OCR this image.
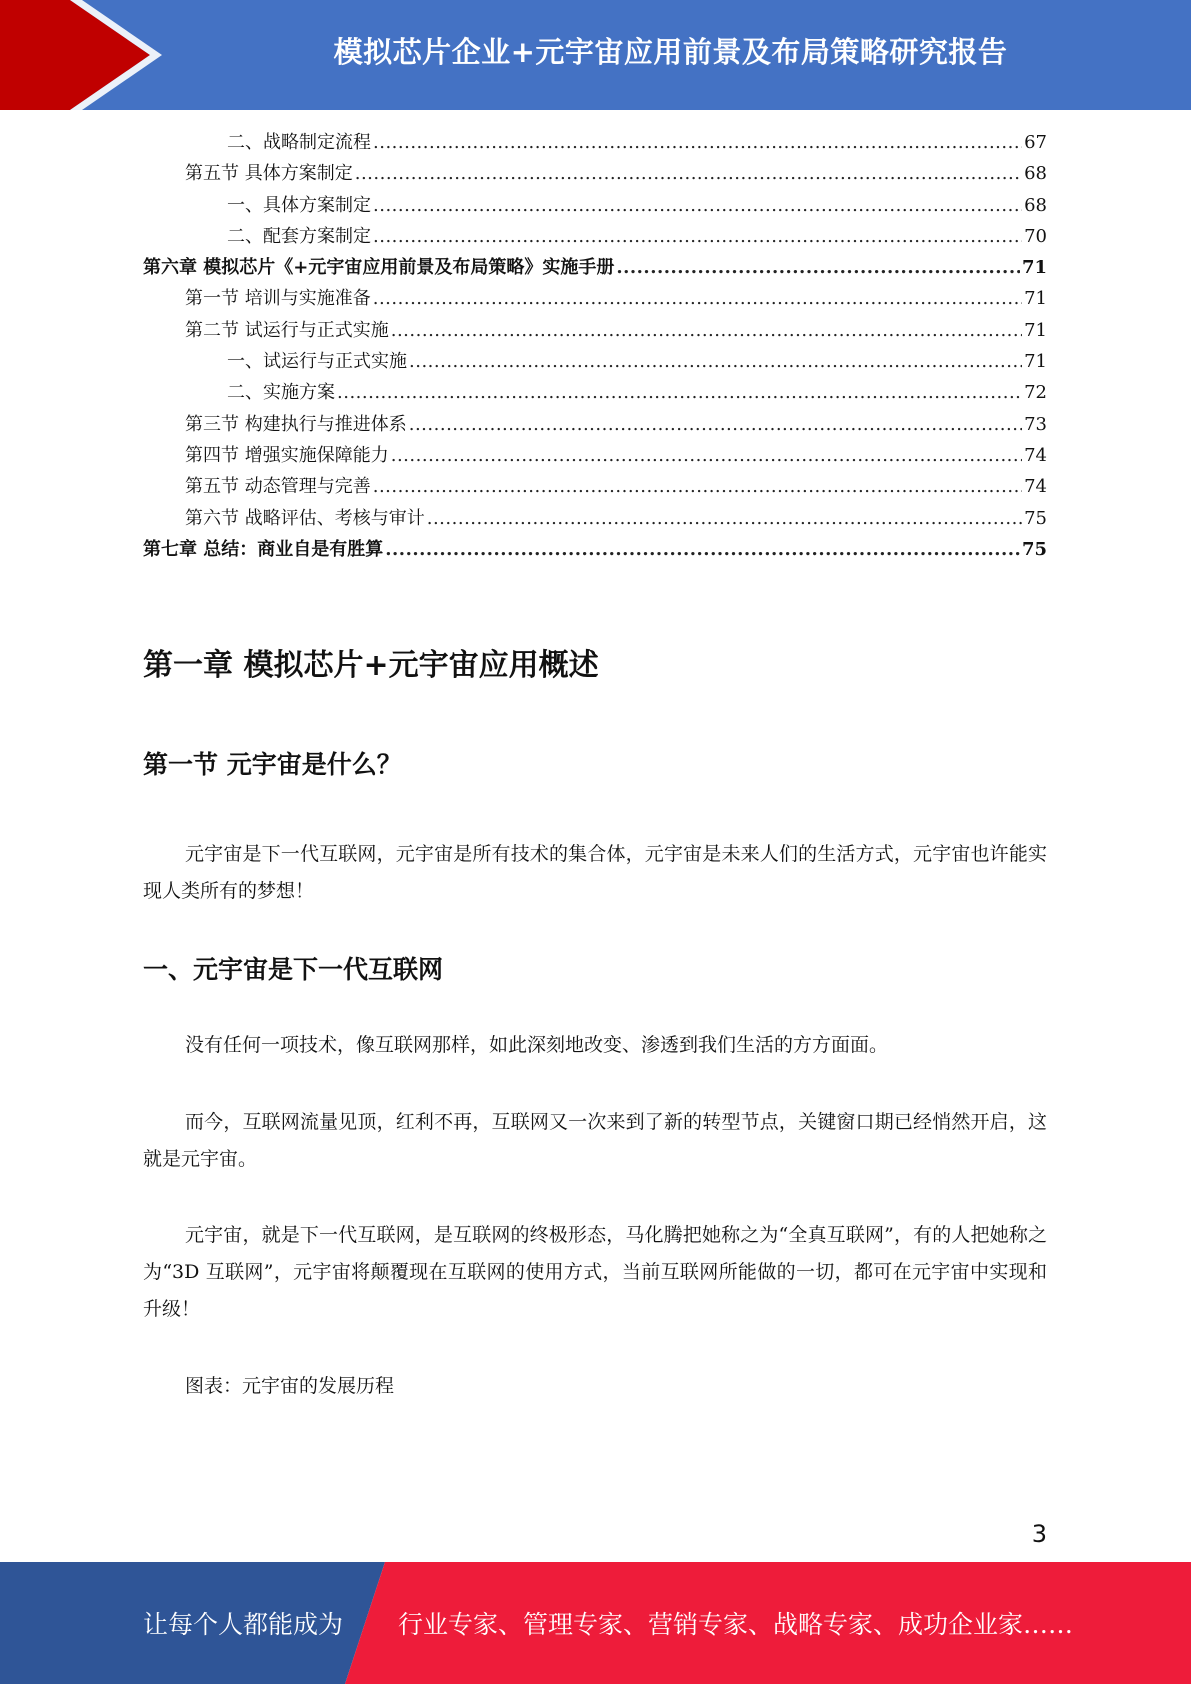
模拟芯片企业+元宇宙应用前景及布局策略研究报告
二、战略制定流程 .....	67
第五节 具体方案制定 .....	68
一、具体方案制定 .....	68
二、配套方案制定 .....	70
第六章 模拟芯片《+元宇宙应用前景及布局策略》实施手册 .....	71
第一节 培训与实施准备 .....	71
第二节 试运行与正式实施 .....	71
一、试运行与正式实施 .....	71
二、实施方案 .....	72
第三节 构建执行与推进体系 .....	73
第四节 增强实施保障能力 .....	74
第五节 动态管理与完善 .....	74
第六节 战略评估、考核与审计 .....	75
第七章 总结：商业自是有胜算 .....	75
第一章 模拟芯片+元宇宙应用概述
第一节 元宇宙是什么？

元宇宙是下一代互联网，元宇宙是所有技术的集合体，元宇宙是未来人们的生活方式，元宇宙也许能实现人类所有的梦想！

一、元宇宙是下一代互联网

没有任何一项技术，像互联网那样，如此深刻地改变、渗透到我们生活的方方面面。

而今，互联网流量见顶，红利不再，互联网又一次来到了新的转型节点，关键窗口期已经悄然开启，这就是元宇宙。

元宇宙，就是下一代互联网，是互联网的终极形态，马化腾把她称之为“全真互联网”，有的人把她称之为“3D 互联网”，元宇宙将颠覆现在互联网的使用方式，当前互联网所能做的一切，都可在元宇宙中实现和升级！

图表：元宇宙的发展历程

3
让每个人都能成为 行业专家、管理专家、营销专家、战略专家、成功企业家……
